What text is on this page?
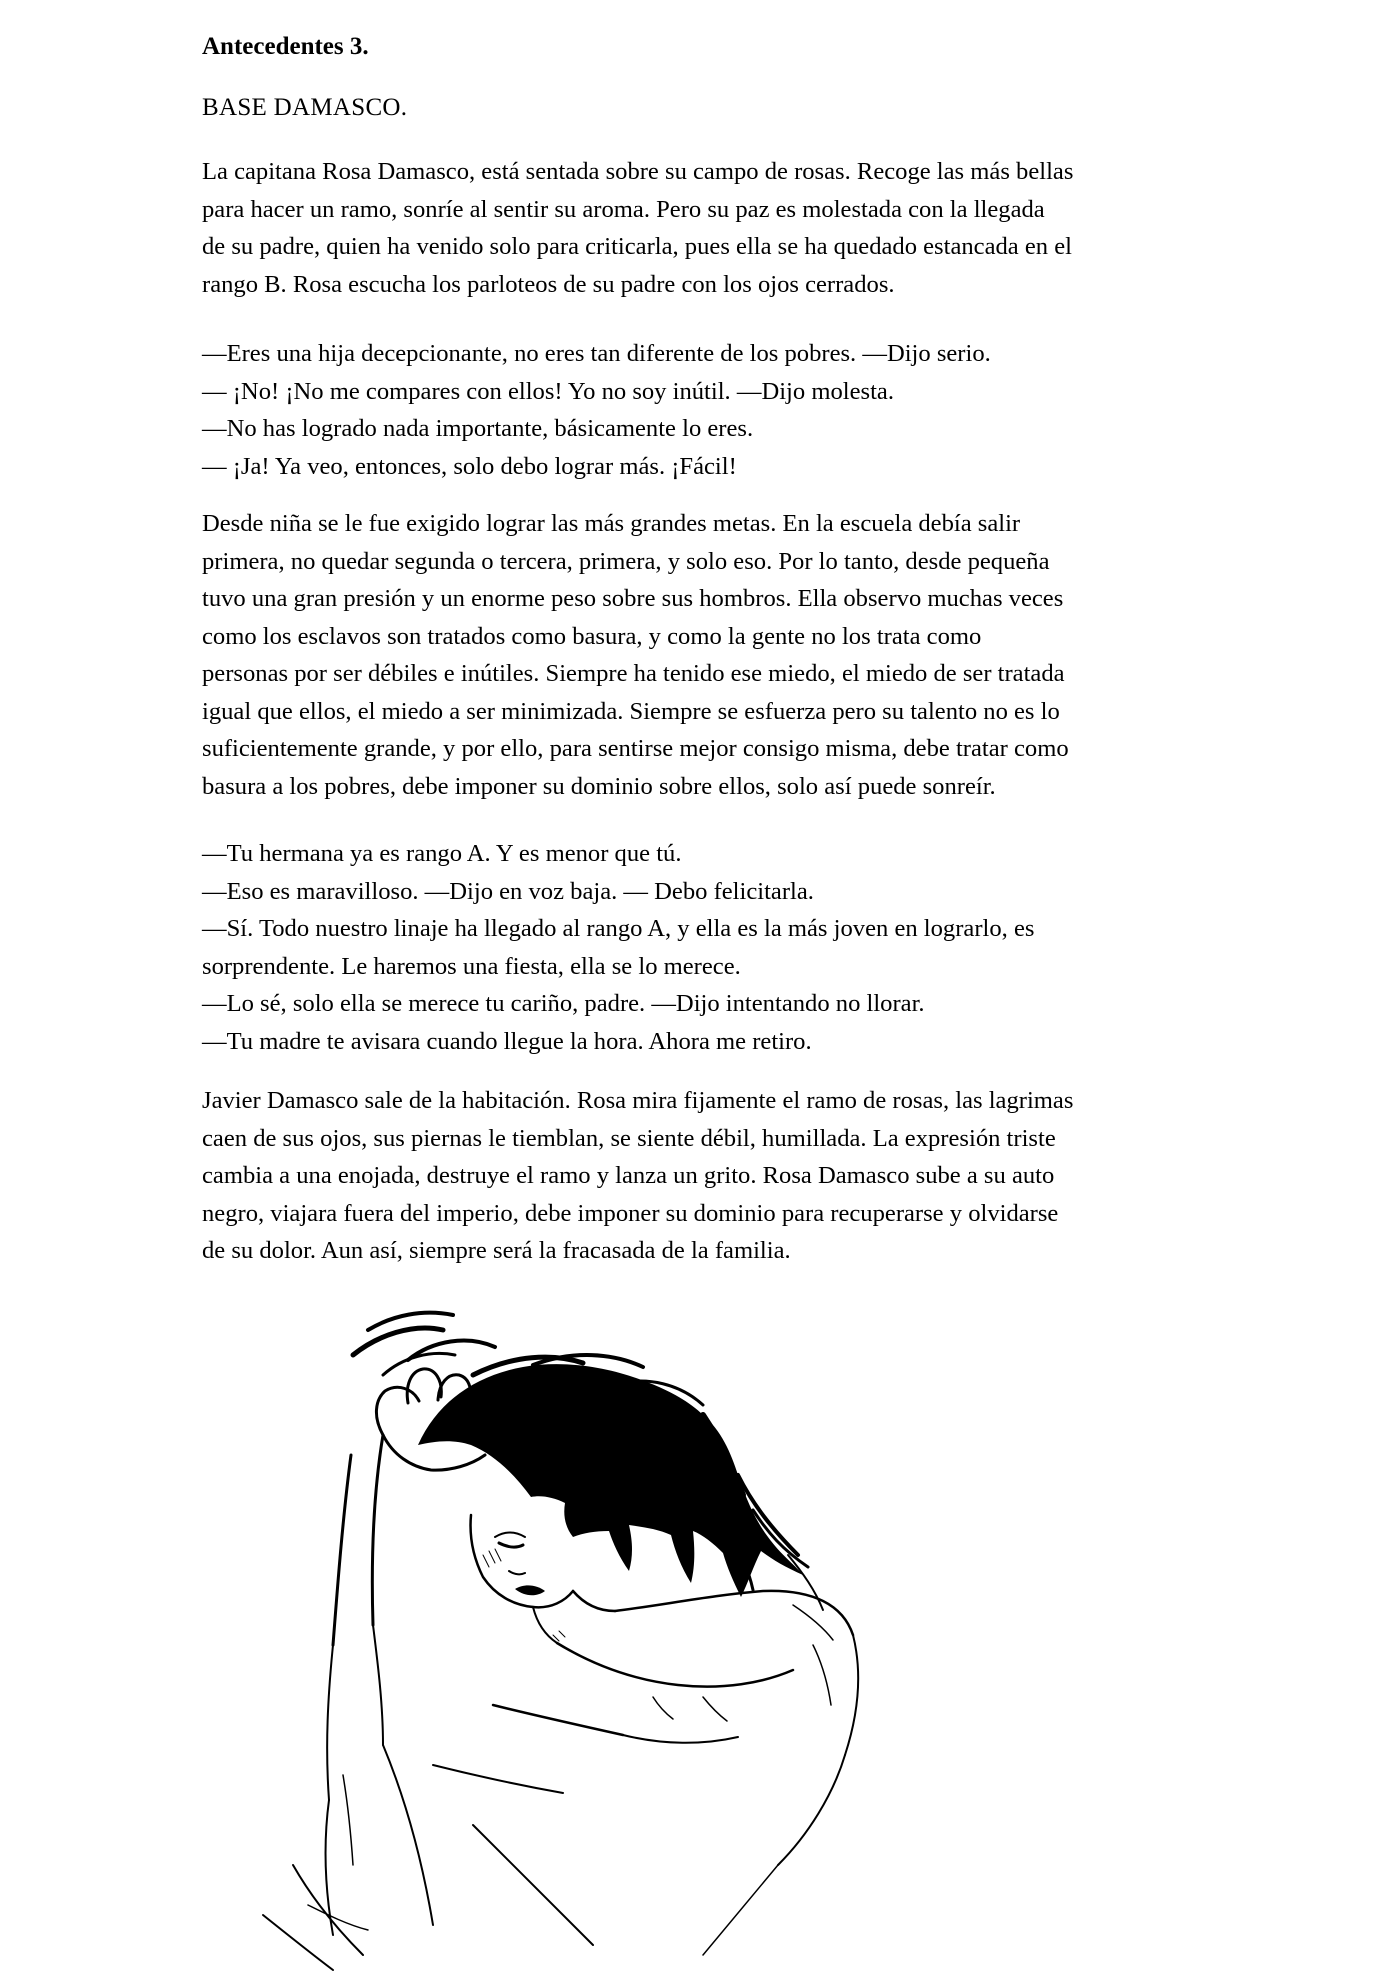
Antecedentes 3.
BASE DAMASCO.
La capitana Rosa Damasco, está sentada sobre su campo de rosas. Recoge las más bellas
para hacer un ramo, sonríe al sentir su aroma. Pero su paz es molestada con la llegada
de su padre, quien ha venido solo para criticarla, pues ella se ha quedado estancada en el
rango B. Rosa escucha los parloteos de su padre con los ojos cerrados.
—Eres una hija decepcionante, no eres tan diferente de los pobres. —Dijo serio.
— ¡No! ¡No me compares con ellos! Yo no soy inútil. —Dijo molesta.
—No has logrado nada importante, básicamente lo eres.
— ¡Ja! Ya veo, entonces, solo debo lograr más. ¡Fácil!
Desde niña se le fue exigido lograr las más grandes metas. En la escuela debía salir
primera, no quedar segunda o tercera, primera, y solo eso. Por lo tanto, desde pequeña
tuvo una gran presión y un enorme peso sobre sus hombros. Ella observo muchas veces
como los esclavos son tratados como basura, y como la gente no los trata como
personas por ser débiles e inútiles. Siempre ha tenido ese miedo, el miedo de ser tratada
igual que ellos, el miedo a ser minimizada. Siempre se esfuerza pero su talento no es lo
suficientemente grande, y por ello, para sentirse mejor consigo misma, debe tratar como
basura a los pobres, debe imponer su dominio sobre ellos, solo así puede sonreír.
—Tu hermana ya es rango A. Y es menor que tú.
—Eso es maravilloso. —Dijo en voz baja. — Debo felicitarla.
—Sí. Todo nuestro linaje ha llegado al rango A, y ella es la más joven en lograrlo, es
sorprendente. Le haremos una fiesta, ella se lo merece.
—Lo sé, solo ella se merece tu cariño, padre. —Dijo intentando no llorar.
—Tu madre te avisara cuando llegue la hora. Ahora me retiro.
Javier Damasco sale de la habitación. Rosa mira fijamente el ramo de rosas, las lagrimas
caen de sus ojos, sus piernas le tiemblan, se siente débil, humillada. La expresión triste
cambia a una enojada, destruye el ramo y lanza un grito. Rosa Damasco sube a su auto
negro, viajara fuera del imperio, debe imponer su dominio para recuperarse y olvidarse
de su dolor. Aun así, siempre será la fracasada de la familia.
